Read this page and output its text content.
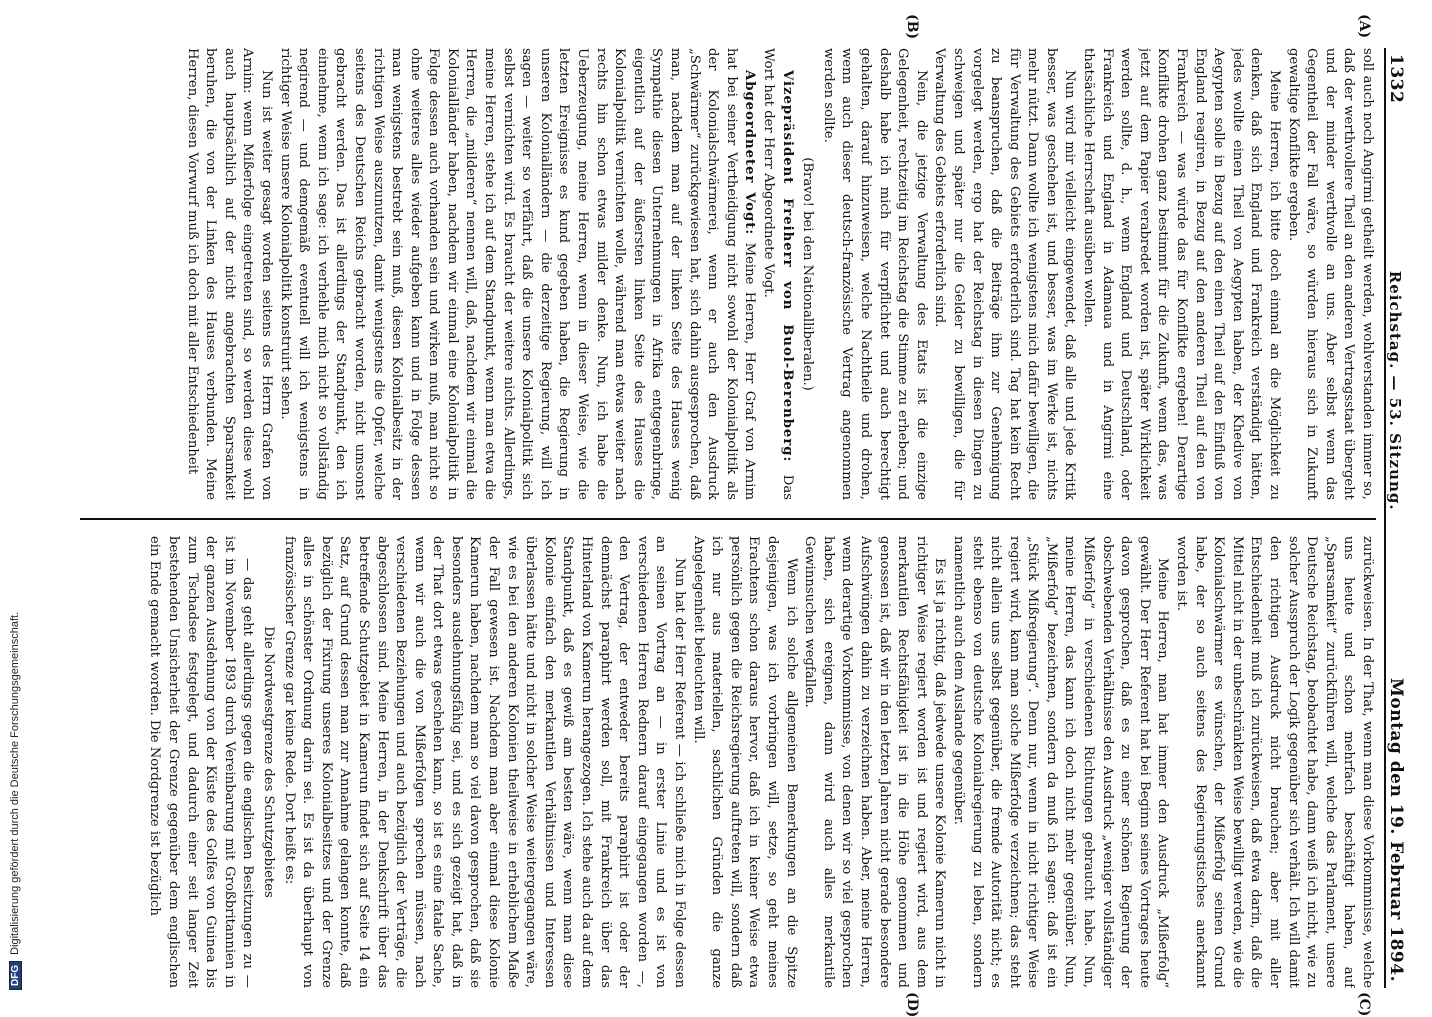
1332
Reichstag. — 53. Sitzung.
Montag den 19. Februar 1894.

soll auch noch Angirmi getheilt werden, wohlverstanden immer so, daß der werthvollere Theil an den anderen Vertragsstaat übergeht und der minder werthvolle an uns. Aber selbst wenn das Gegentheil der Fall wäre, so würden hieraus sich in Zukunft gewaltige Konflikte ergeben.

Meine Herren, ich bitte doch einmal an die Möglichkeit zu denken, daß sich England und Frankreich verständigt hätten, jedes wollte einen Theil von Aegypten haben, der Khedive von Aegypten solle in Bezug auf den einen Theil auf den Einfluß von England reagiren, in Bezug auf den anderen Theil auf den von Frankreich — was würde das für Konflikte ergeben! Derartige Konflikte drohen ganz bestimmt für die Zukunft, wenn das, was jetzt auf dem Papier verabredet worden ist, später Wirklichkeit werden sollte, d. h., wenn England und Deutschland, oder Frankreich und England in Adamaua und in Angirmi eine thatsächliche Herrschaft ausüben wollen.

Nun wird mir vielleicht eingewendet, daß alle und jede Kritik besser, was geschehen ist, und besser, was im Werke ist, nichts mehr nützt. Dann wollte ich wenigstens mich dafür bewilligen, die für Verwaltung des Gebiets erforderlich sind. Tag hat kein Recht zu beanspruchen, daß die Beiträge ihm zur Genehmigung vorgelegt werden, ergo hat der Reichstag in diesen Dingen zu schweigen und später nur die Gelder zu bewilligen, die für Verwaltung des Gebiets erforderlich sind.

Nein, die jetzige Verwaltung des Etats ist die einzige Gelegenheit, rechtzeitig im Reichstag die Stimme zu erheben; und deshalb habe ich mich für verpflichtet und auch berechtigt gehalten, darauf hinzuweisen, welche Nachtheile und drohen, wenn auch dieser deutsch-französische Vertrag angenommen werden sollte.

(Bravo! bei den Nationalliberalen.)

Vizepräsident Freiherr von Buol-Berenberg: Das Wort hat der Herr Abgeordnete Vogt.

Abgeordneter Vogt: Meine Herren, Herr Graf von Arnim hat bei seiner Vertheidigung nicht sowohl der Kolonialpolitik als der Kolonialschwärmerei, wenn er auch den Ausdruck „Schwärmer“ zurückgewiesen hat, sich dahin ausgesprochen, daß man, nachdem man auf der linken Seite des Hauses wenig Sympathie diesen Unternehmungen in Afrika entgegenbringe, eigentlich auf der äußersten linken Seite des Hauses die Kolonialpolitik vernichten wolle, während man etwas weiter nach rechts hin schon etwas milder denke. Nun, ich habe die Ueberzeugung, meine Herren, wenn in dieser Weise, wie die letzten Ereignisse es kund gegeben haben, die Regierung in unseren Kolonialländern — die derzeitige Regierung, will ich sagen — weiter so verfährt, daß die unsere Kolonialpolitik sich selbst vernichten wird. Es braucht der weitere nichts. Allerdings, meine Herren, stehe ich auf dem Standpunkt, wenn man etwa die Herren, die „milderen“ nennen will, daß, nachdem wir einmal die Kolonialländer haben, nachdem wir einmal eine Kolonialpolitik in Folge dessen auch vorhanden sein und wirken muß, man nicht so ohne weiteres alles wieder aufgeben kann und in Folge dessen man wenigstens bestrebt sein muß, diesen Kolonialbesitz in der richtigen Weise auszunutzen, damit wenigstens die Opfer, welche seitens des Deutschen Reichs gebracht worden, nicht umsonst gebracht werden. Das ist allerdings der Standpunkt, den ich einnehme, wenn ich sage: ich verhehle mich nicht so vollständig negirend — und demgemäß eventuell will ich wenigstens in richtiger Weise unsere Kolonialpolitik konstruirt sehen.

Nun ist weiter gesagt worden seitens des Herrn Grafen von Arnim: wenn Mißerfolge eingetreten sind, so werden diese wohl auch hauptsächlich auf der nicht angebrachten Sparsamkeit beruhen, die von der Linken des Hauses verbunden. Meine Herren, diesen Vorwurf muß ich doch mit aller Entschiedenheit

zurückweisen. In der That, wenn man diese Vorkommnisse, welche uns heute und schon mehrfach beschäftigt haben, auf „Sparsamkeit“ zurückführen will, welche das Parlament, unsere Deutsche Reichstag, beobachtet habe, dann weiß ich nicht, wie zu solcher Ausspruch der Logik gegenüber sich verhält. Ich will damit den richtigen Ausdruck nicht brauchen; aber mit aller Entschiedenheit muß ich zurückweisen, daß etwa darin, daß die Mittel nicht in der unbeschränkten Weise bewilligt werden, wie die Kolonialschwärmer es wünschen, der Mißerfolg seinen Grund habe, der so auch seitens des Regierungstisches anerkannt worden ist.

Meine Herren, man hat immer den Ausdruck „Mißerfolg“ gewählt. Der Herr Referent hat bei Beginn seines Vortrages heute davon gesprochen, daß es zu einer schönen Regierung der obschwebenden Verhältnisse den Ausdruck „weniger vollständiger Mißerfolg“ in verschiedenen Richtungen gebraucht habe. Nun, meine Herren, das kann ich doch nicht mehr gegenüber. Nun, „Mißerfolg“ bezeichnen, sondern da muß ich sagen: daß ist ein „Stück Mißregierung“. Denn nur, wenn in nicht richtiger Weise regiert wird, kann man solche Mißerfolge verzeichnen; das steht nicht allein uns selbst gegenüber, die fremde Autorität nicht; es steht ebenso von deutsche Kolonialregierung zu leben, sondern namentlich auch dem Auslande gegenüber.

Es ist ja richtig, daß jedwede unsere Kolonie Kamerun nicht in richtiger Weise regiert worden ist und regiert wird, aus dem merkantilen Rechtsfähigkeit ist in die Höhe genommen und genossen ist, daß wir in den letzten Jahren nicht gerade besondere Aufschwüngen dahin zu verzeichnen haben. Aber, meine Herren, wenn derartige Vorkommnisse, von denen wir so viel gesprochen haben, sich ereignen, dann wird auch alles merkantile Gewinnsuchen wegfallen.

Wenn ich solche allgemeinen Bemerkungen an die Spitze desjenigen, was ich vorbringen will, setze, so geht meines Erachtens schon daraus hervor, daß ich in keiner Weise etwa persönlich gegen die Reichsregierung auftreten will, sondern daß ich nur aus materiellen, sachlichen Gründen die ganze Angelegenheit beleuchten will.

Nun hat der Herr Referent — ich schließe mich in Folge dessen an seinen Vortrag an — in erster Linie und es ist von verschiedenen Herren Rednern darauf eingegangen worden —, den Vertrag, der entweder bereits paraphirt ist oder der demnächst paraphirt werden soll, mit Frankreich über das Hinterland von Kamerun herangezogen. Ich stehe auch da auf dem Standpunkt, daß es gewiß am besten wäre, wenn man diese Kolonie einfach den merkantilen Verhältnissen und Interessen überlassen hätte und nicht in solcher Weise weitergegangen wäre, wie es bei den anderen Kolonien theilweise in erheblichem Maße der Fall gewesen ist. Nachdem man aber einmal diese Kolonie Kamerun haben, nachdem man so viel davon gesprochen, daß sie besonders ausdehnungsfähig sei, und es sich gezeigt hat, daß in der That dort etwas geschehen kann, so ist es eine fatale Sache, wenn wir auch die von Mißerfolgen sprechen müssen, nach verschiedenen Beziehungen und auch bezüglich der Verträge, die abgeschlossen sind. Meine Herren, in der Denkschrift über das betreffende Schutzgebiet in Kamerun findet sich auf Seite 14 ein Satz, auf Grund dessen man zur Annahme gelangen konnte, daß bezüglich der Fixirung unseres Kolonialbesitzes und der Grenze alles in schönster Ordnung darin sei. Es ist da überhaupt von französischer Grenze gar keine Rede. Dort heißt es:

Die Nordwestgrenze des Schutzgebietes

— das geht allerdings gegen die englischen Besitzungen zu — ist im November 1893 durch Vereinbarung mit Großbritannien in der ganzen Ausdehnung von der Küste des Golfes von Guinea bis zum Tschadsee festgelegt, und dadurch einer seit langer Zeit bestehenden Unsicherheit der Grenze gegenüber dem englischen ein Ende gemacht worden. Die Nordgrenze ist bezüglich

(A)
(B)
(C)
(D)
DFG
Digitalisierung gefördert durch die Deutsche Forschungsgemeinschaft.
